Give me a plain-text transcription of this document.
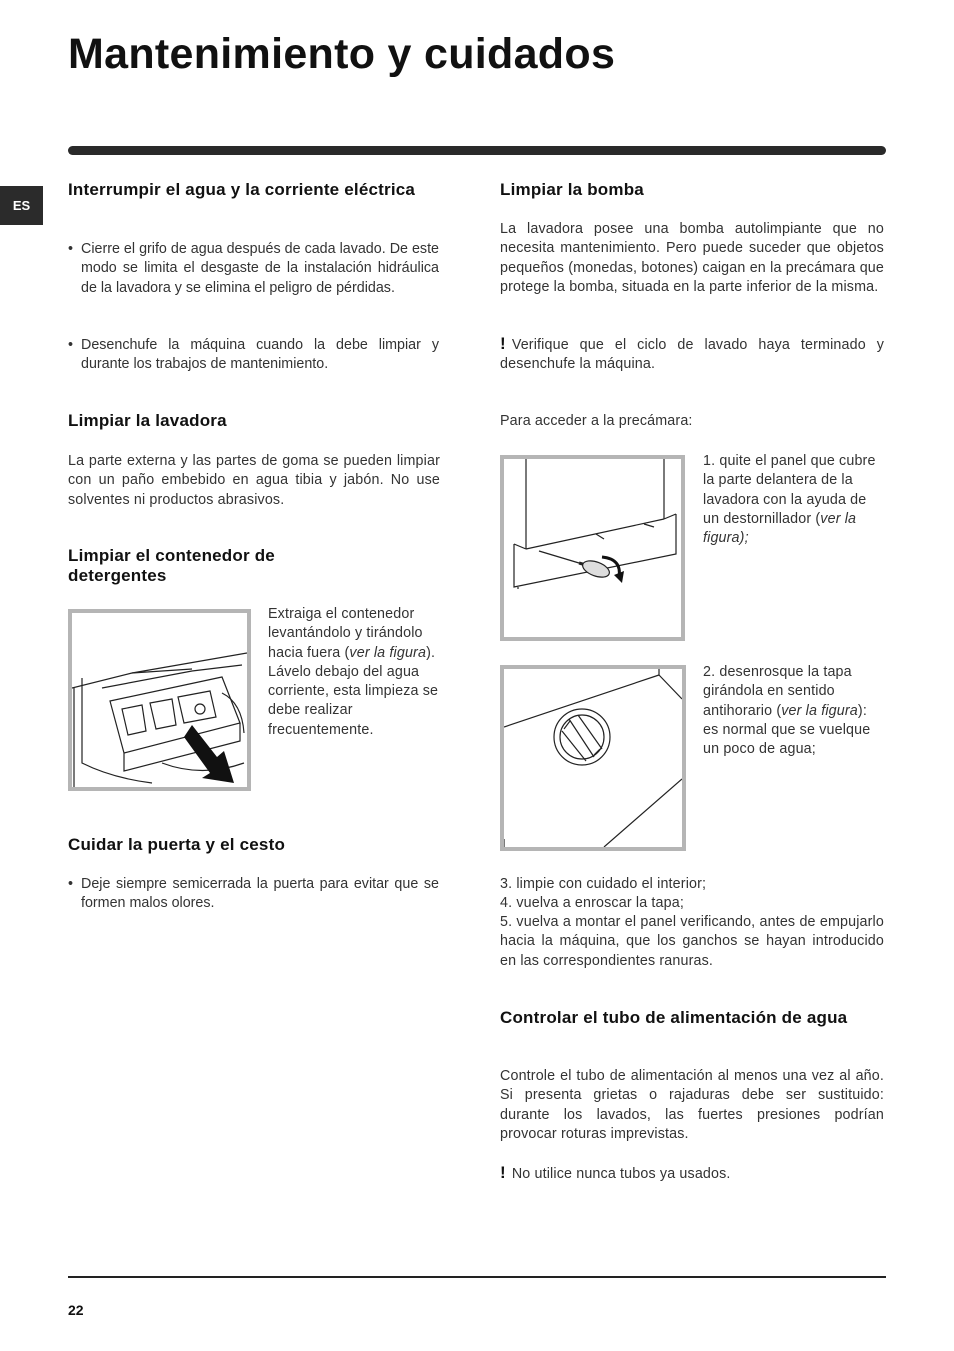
Mantenimiento y cuidados
ES
Interrumpir el agua y la corriente eléctrica
• Cierre el grifo de agua después de cada lavado. De este modo se limita el desgaste de la instalación hidráulica de la lavadora y se elimina el peligro de pérdidas.
• Desenchufe la máquina cuando la debe limpiar y durante los trabajos de mantenimiento.
Limpiar la lavadora

La parte externa y las partes de goma se pueden limpiar con un paño embebido en agua tibia y jabón. No use solventes ni productos abrasivos.

Limpiar el contenedor de detergentes
Extraiga el contenedor levantándolo y tirándolo hacia fuera (ver la figura).
Lávelo debajo del agua corriente, esta limpieza se debe realizar frecuentemente.
Cuidar la puerta y el cesto
• Deje siempre semicerrada la puerta para evitar que se formen malos olores.
Limpiar la bomba

La lavadora posee una bomba autolimpiante que no necesita mantenimiento. Pero puede suceder que objetos pequeños (monedas, botones) caigan en la precámara que protege la bomba, situada en la parte inferior de la misma.

! Verifique que el ciclo de lavado haya terminado y desenchufe la máquina.

Para acceder a la precámara:

1. quite el panel que cubre la parte delantera de la lavadora con la ayuda de un destornillador (ver la figura);
2. desenrosque la tapa girándola en sentido antihorario (ver la figura): es normal que se vuelque un poco de agua;

3. limpie con cuidado el interior;

4. vuelva a enroscar la tapa;

5. vuelva a montar el panel verificando, antes de empujarlo hacia la máquina, que los ganchos se hayan introducido en las correspondientes ranuras.

Controlar el tubo de alimentación de agua

Controle el tubo de alimentación al menos una vez al año. Si presenta grietas o rajaduras debe ser sustituido: durante los lavados, las fuertes presiones podrían provocar roturas imprevistas.

! No utilice nunca tubos ya usados.
22
